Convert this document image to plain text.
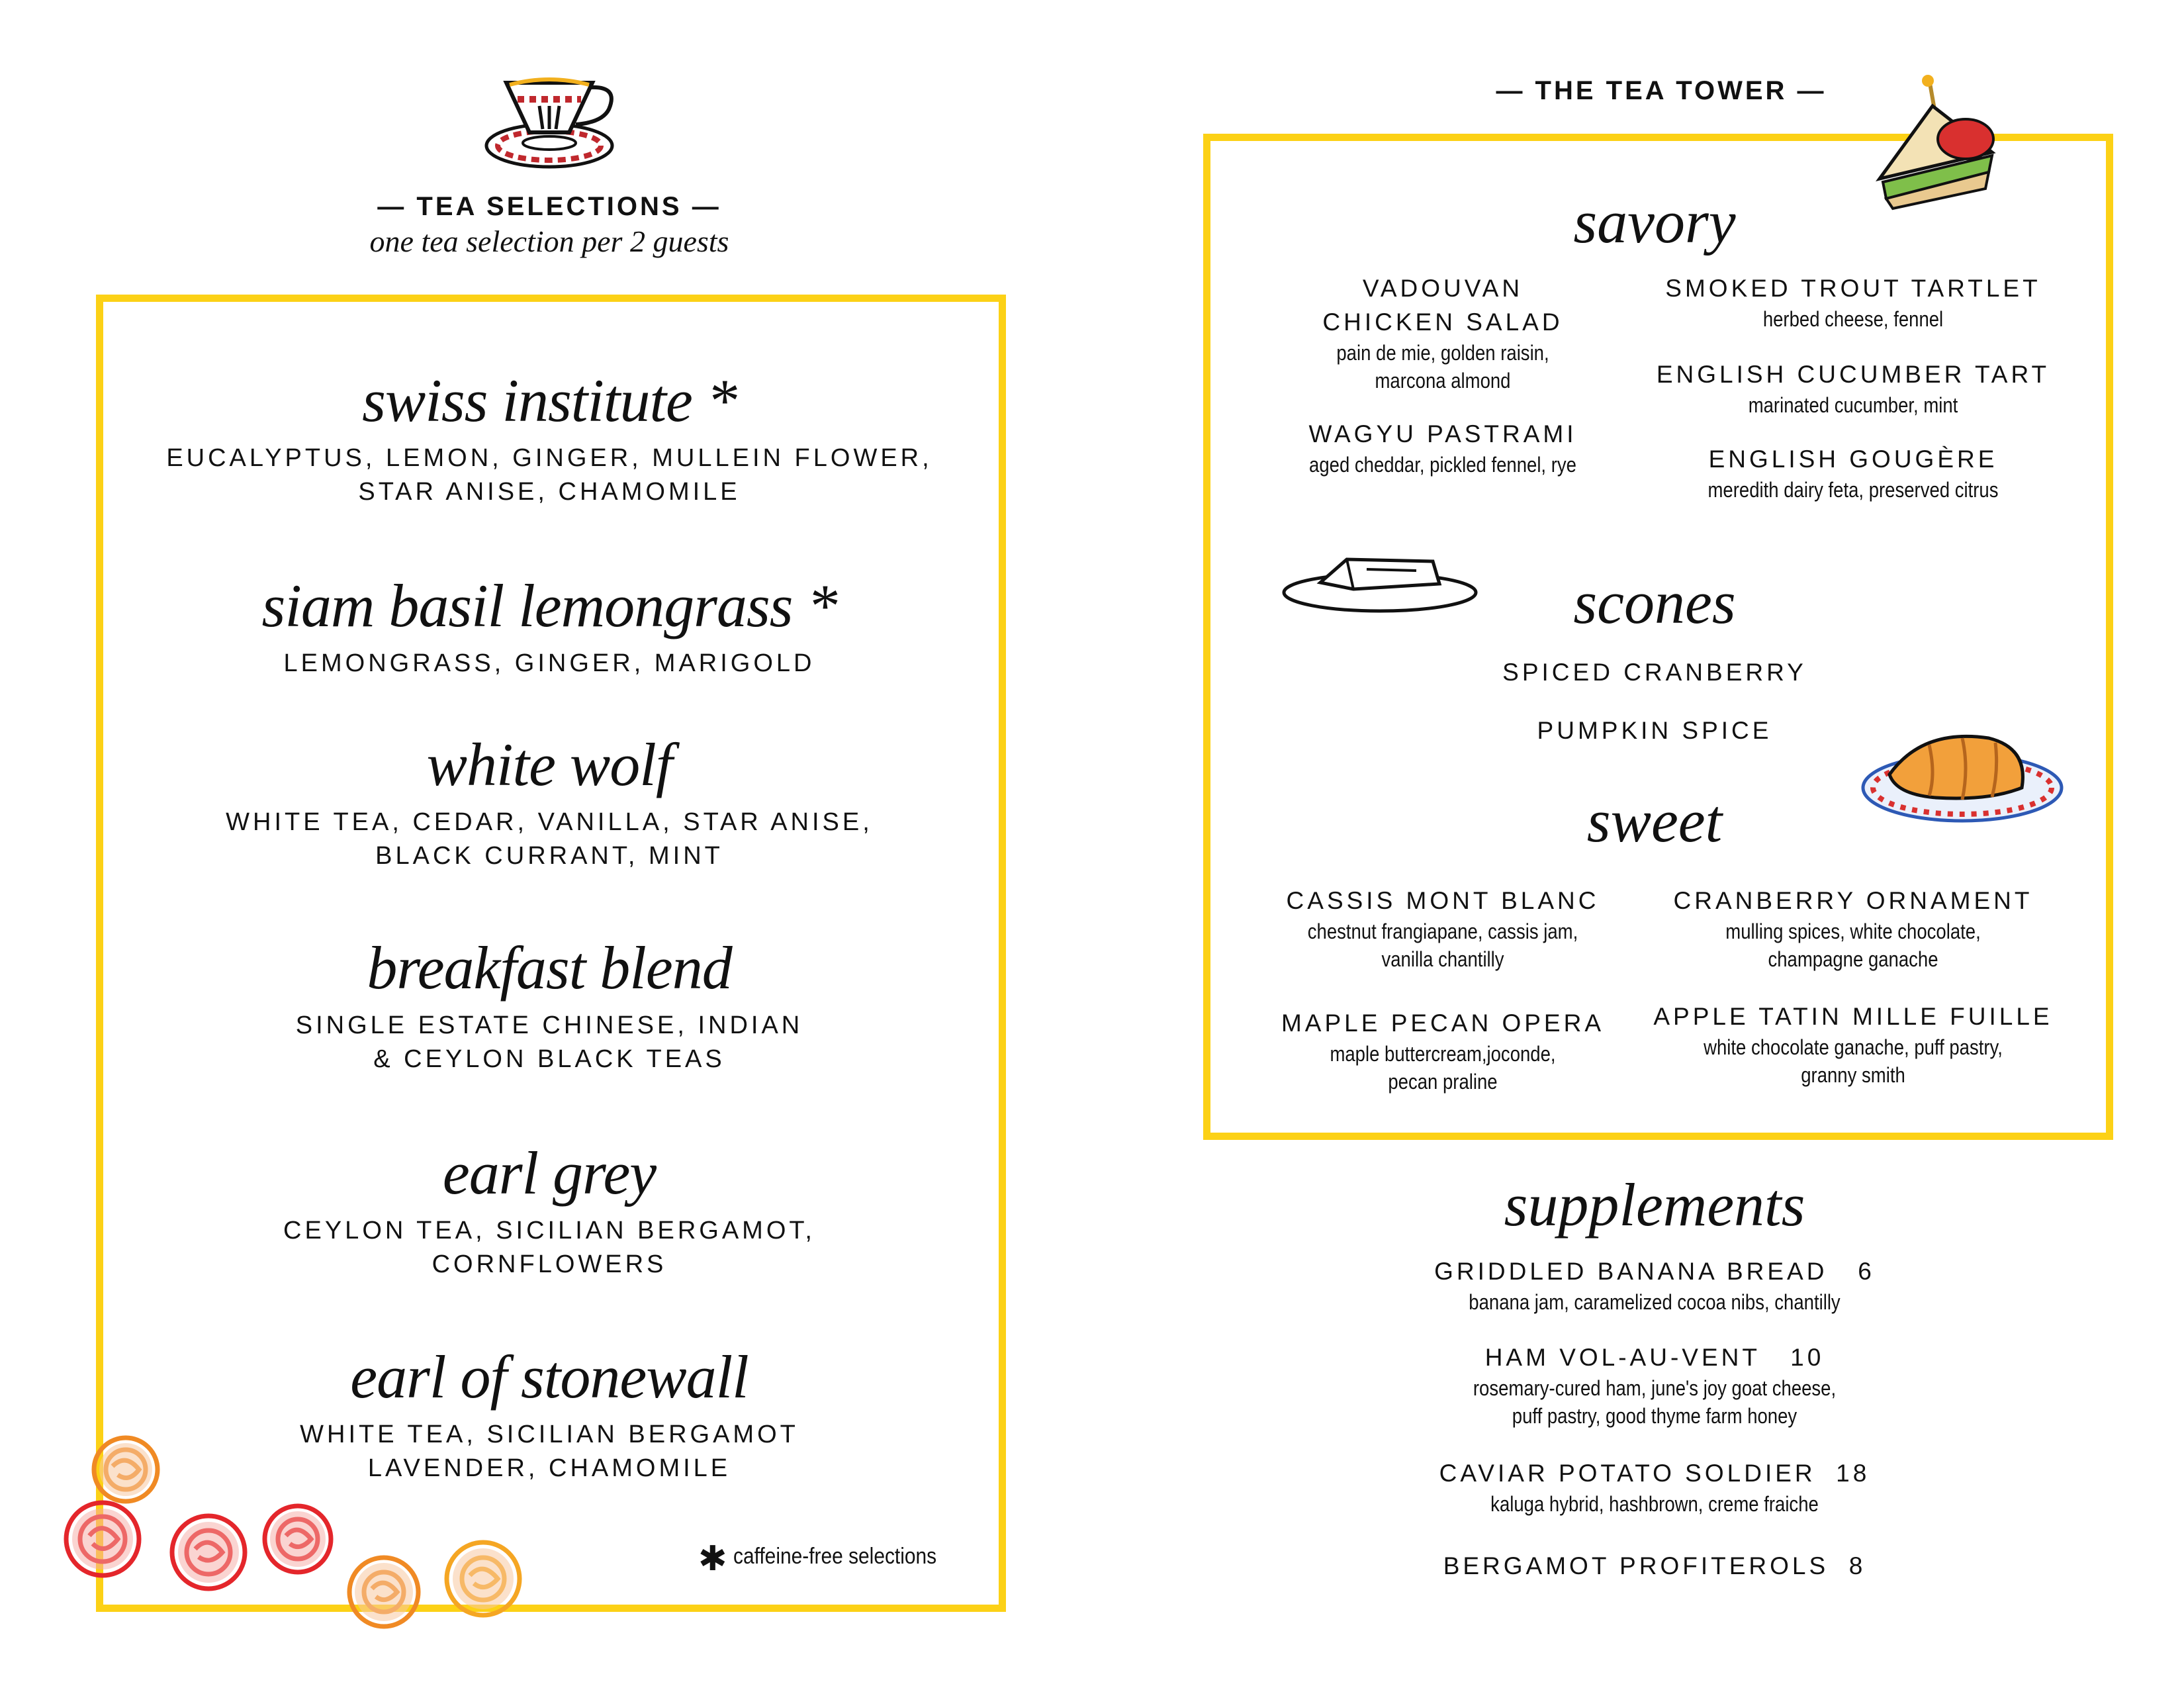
— TEA SELECTIONS —
one tea selection per 2 guests
swiss institute *
EUCALYPTUS, LEMON, GINGER, MULLEIN FLOWER,
STAR ANISE, CHAMOMILE
siam basil lemongrass *
LEMONGRASS, GINGER, MARIGOLD
white wolf
WHITE TEA, CEDAR, VANILLA, STAR ANISE,
BLACK CURRANT, MINT
breakfast blend
SINGLE ESTATE CHINESE, INDIAN
& CEYLON BLACK TEAS
earl grey
CEYLON TEA, SICILIAN BERGAMOT,
CORNFLOWERS
earl of stonewall
WHITE TEA, SICILIAN BERGAMOT
LAVENDER, CHAMOMILE
✱ caffeine-free selections
— THE TEA TOWER —
savory
VADOUVAN
CHICKEN SALAD
pain de mie, golden raisin,
marcona almond
WAGYU PASTRAMI
aged cheddar, pickled fennel, rye
SMOKED TROUT TARTLET
herbed cheese, fennel
ENGLISH CUCUMBER TART
marinated cucumber, mint
ENGLISH GOUGÈRE
meredith dairy feta, preserved citrus
scones
SPICED CRANBERRY
PUMPKIN SPICE
sweet
CASSIS MONT BLANC
chestnut frangiapane, cassis jam,
vanilla chantilly
MAPLE PECAN OPERA
maple buttercream,joconde,
pecan praline
CRANBERRY ORNAMENT
mulling spices, white chocolate,
champagne ganache
APPLE TATIN MILLE FUILLE
white chocolate ganache, puff pastry,
granny smith
supplements
GRIDDLED BANANA BREAD   6
banana jam, caramelized cocoa nibs, chantilly
HAM VOL-AU-VENT   10
rosemary-cured ham, june's joy goat cheese,
puff pastry, good thyme farm honey
CAVIAR POTATO SOLDIER  18
kaluga hybrid, hashbrown, creme fraiche
BERGAMOT PROFITEROLS  8
